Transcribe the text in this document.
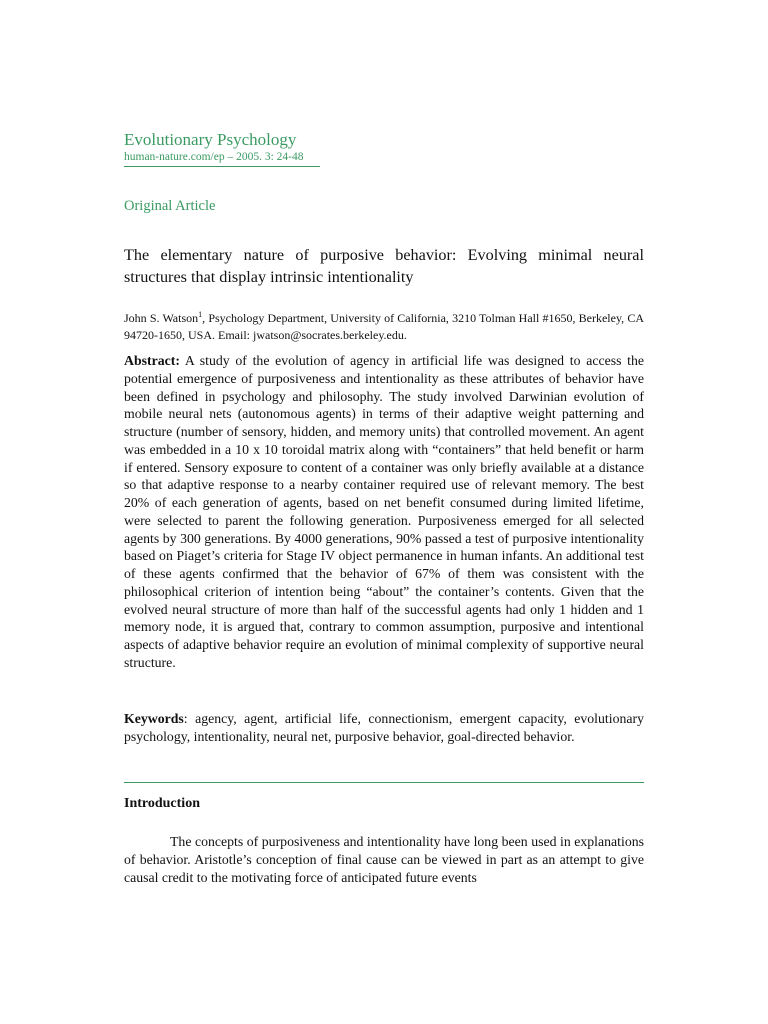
Evolutionary Psychology
human-nature.com/ep – 2005. 3: 24-48
Original Article
The elementary nature of purposive behavior: Evolving minimal neural structures that display intrinsic intentionality
John S. Watson$^1$, Psychology Department, University of California, 3210 Tolman Hall #1650, Berkeley, CA 94720-1650, USA. Email: jwatson@socrates.berkeley.edu.

Abstract: A study of the evolution of agency in artificial life was designed to access the potential emergence of purposiveness and intentionality as these attributes of behavior have been defined in psychology and philosophy. The study involved Darwinian evolution of mobile neural nets (autonomous agents) in terms of their adaptive weight patterning and structure (number of sensory, hidden, and memory units) that controlled movement. An agent was embedded in a 10 x 10 toroidal matrix along with “containers” that held benefit or harm if entered. Sensory exposure to content of a container was only briefly available at a distance so that adaptive response to a nearby container required use of relevant memory. The best 20% of each generation of agents, based on net benefit consumed during limited lifetime, were selected to parent the following generation. Purposiveness emerged for all selected agents by 300 generations. By 4000 generations, 90% passed a test of purposive intentionality based on Piaget’s criteria for Stage IV object permanence in human infants. An additional test of these agents confirmed that the behavior of 67% of them was consistent with the philosophical criterion of intention being “about” the container’s contents. Given that the evolved neural structure of more than half of the successful agents had only 1 hidden and 1 memory node, it is argued that, contrary to common assumption, purposive and intentional aspects of adaptive behavior require an evolution of minimal complexity of supportive neural structure.

Keywords: agency, agent, artificial life, connectionism, emergent capacity, evolutionary psychology, intentionality, neural net, purposive behavior, goal-directed behavior.

Introduction

The concepts of purposiveness and intentionality have long been used in explanations of behavior. Aristotle’s conception of final cause can be viewed in part as an attempt to give causal credit to the motivating force of anticipated future events
